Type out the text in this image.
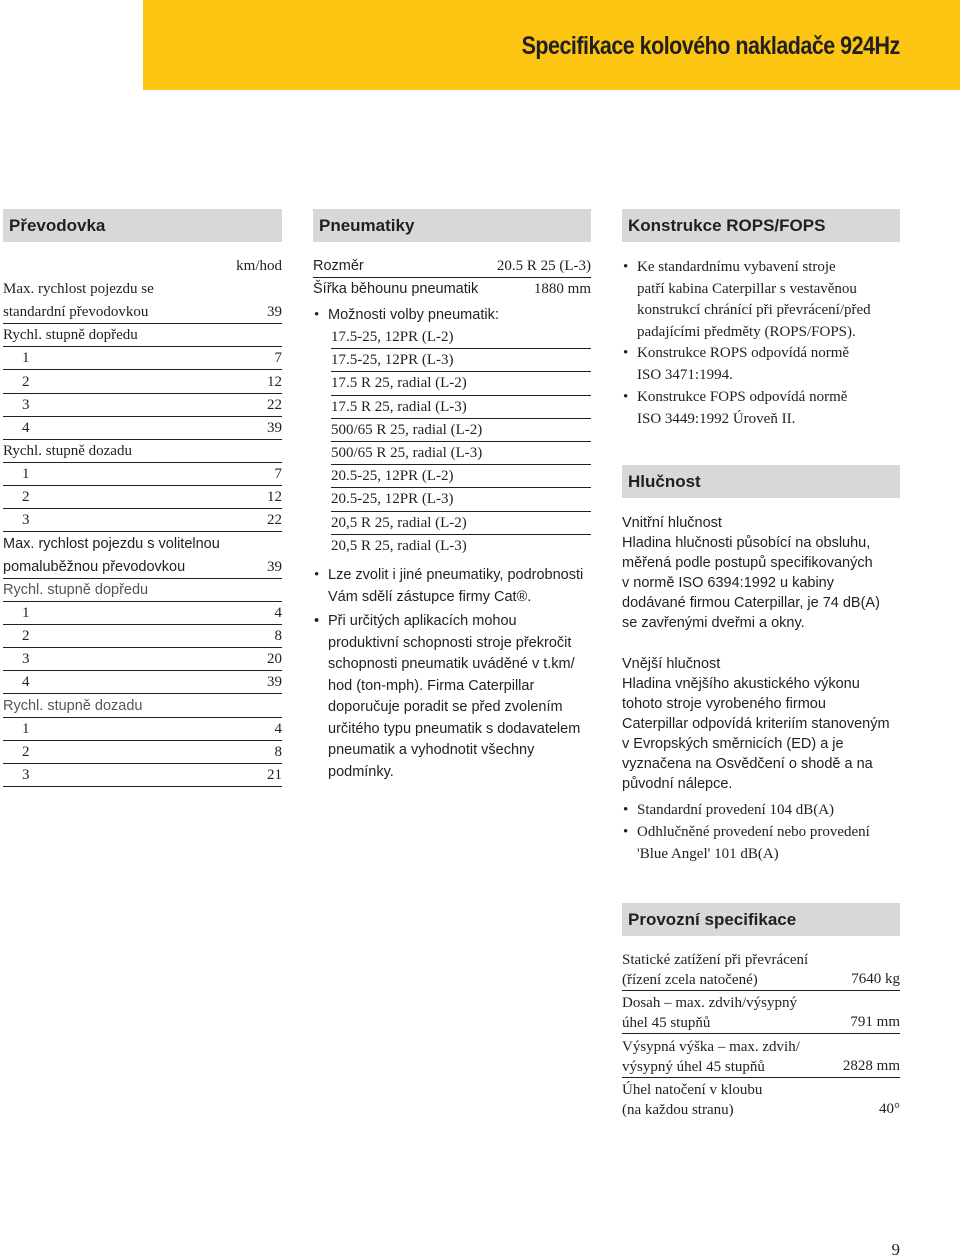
Specifikace kolového nakladače 924Hz
Převodovka
km/hod
Max. rychlost pojezdu se
standardní převodovkou	39
Rychl. stupně dopředu
1	7
2	12
3	22
4	39
Rychl. stupně dozadu
1	7
2	12
3	22
Max. rychlost pojezdu s volitelnou
pomaluběžnou převodovkou	39
Rychl. stupně dopředu
1	4
2	8
3	20
4	39
Rychl. stupně dozadu
1	4
2	8
3	21
Pneumatiky
Rozměr	20.5 R 25 (L-3)
Šířka běhounu pneumatik	1880 mm
• Možnosti volby pneumatik:
17.5-25, 12PR (L-2)
17.5-25, 12PR (L-3)
17.5 R 25, radial (L-2)
17.5 R 25, radial (L-3)
500/65 R 25, radial (L-2)
500/65 R 25, radial (L-3)
20.5-25, 12PR (L-2)
20.5-25, 12PR (L-3)
20,5 R 25, radial (L-2)
20,5 R 25, radial (L-3)
• Lze zvolit i jiné pneumatiky, podrobnosti
Vám sdělí zástupce firmy Cat®.
• Při určitých aplikacích mohou
produktivní schopnosti stroje překročit
schopnosti pneumatik uváděné v t.km/
hod (ton-mph). Firma Caterpillar
doporučuje poradit se před zvolením
určitého typu pneumatik s dodavatelem
pneumatik a vyhodnotit všechny
podmínky.
Konstrukce ROPS/FOPS
• Ke standardnímu vybavení stroje
patří kabina Caterpillar s vestavěnou
konstrukcí chránící při převrácení/před
padajícími předměty (ROPS/FOPS).
• Konstrukce ROPS odpovídá normě
ISO 3471:1994.
• Konstrukce FOPS odpovídá normě
ISO 3449:1992 Úroveň II.
Hlučnost
Vnitřní hlučnost
Hladina hlučnosti působící na obsluhu,
měřená podle postupů specifikovaných
v normě ISO 6394:1992 u kabiny
dodávané firmou Caterpillar, je 74 dB(A)
se zavřenými dveřmi a okny.
Vnější hlučnost
Hladina vnějšího akustického výkonu
tohoto stroje vyrobeného firmou
Caterpillar odpovídá kriteriím stanoveným
v Evropských směrnicích (ED) a je
vyznačena na Osvědčení o shodě a na
původní nálepce.
• Standardní provedení 104 dB(A)
• Odhlučněné provedení nebo provedení
'Blue Angel' 101 dB(A)
Provozní specifikace
Statické zatížení při převrácení
(řízení zcela natočené)	7640 kg
Dosah – max. zdvih/výsypný
úhel 45 stupňů	791 mm
Výsypná výška – max. zdvih/
výsypný úhel 45 stupňů	2828 mm
Úhel natočení v kloubu
(na každou stranu)	40°
9
